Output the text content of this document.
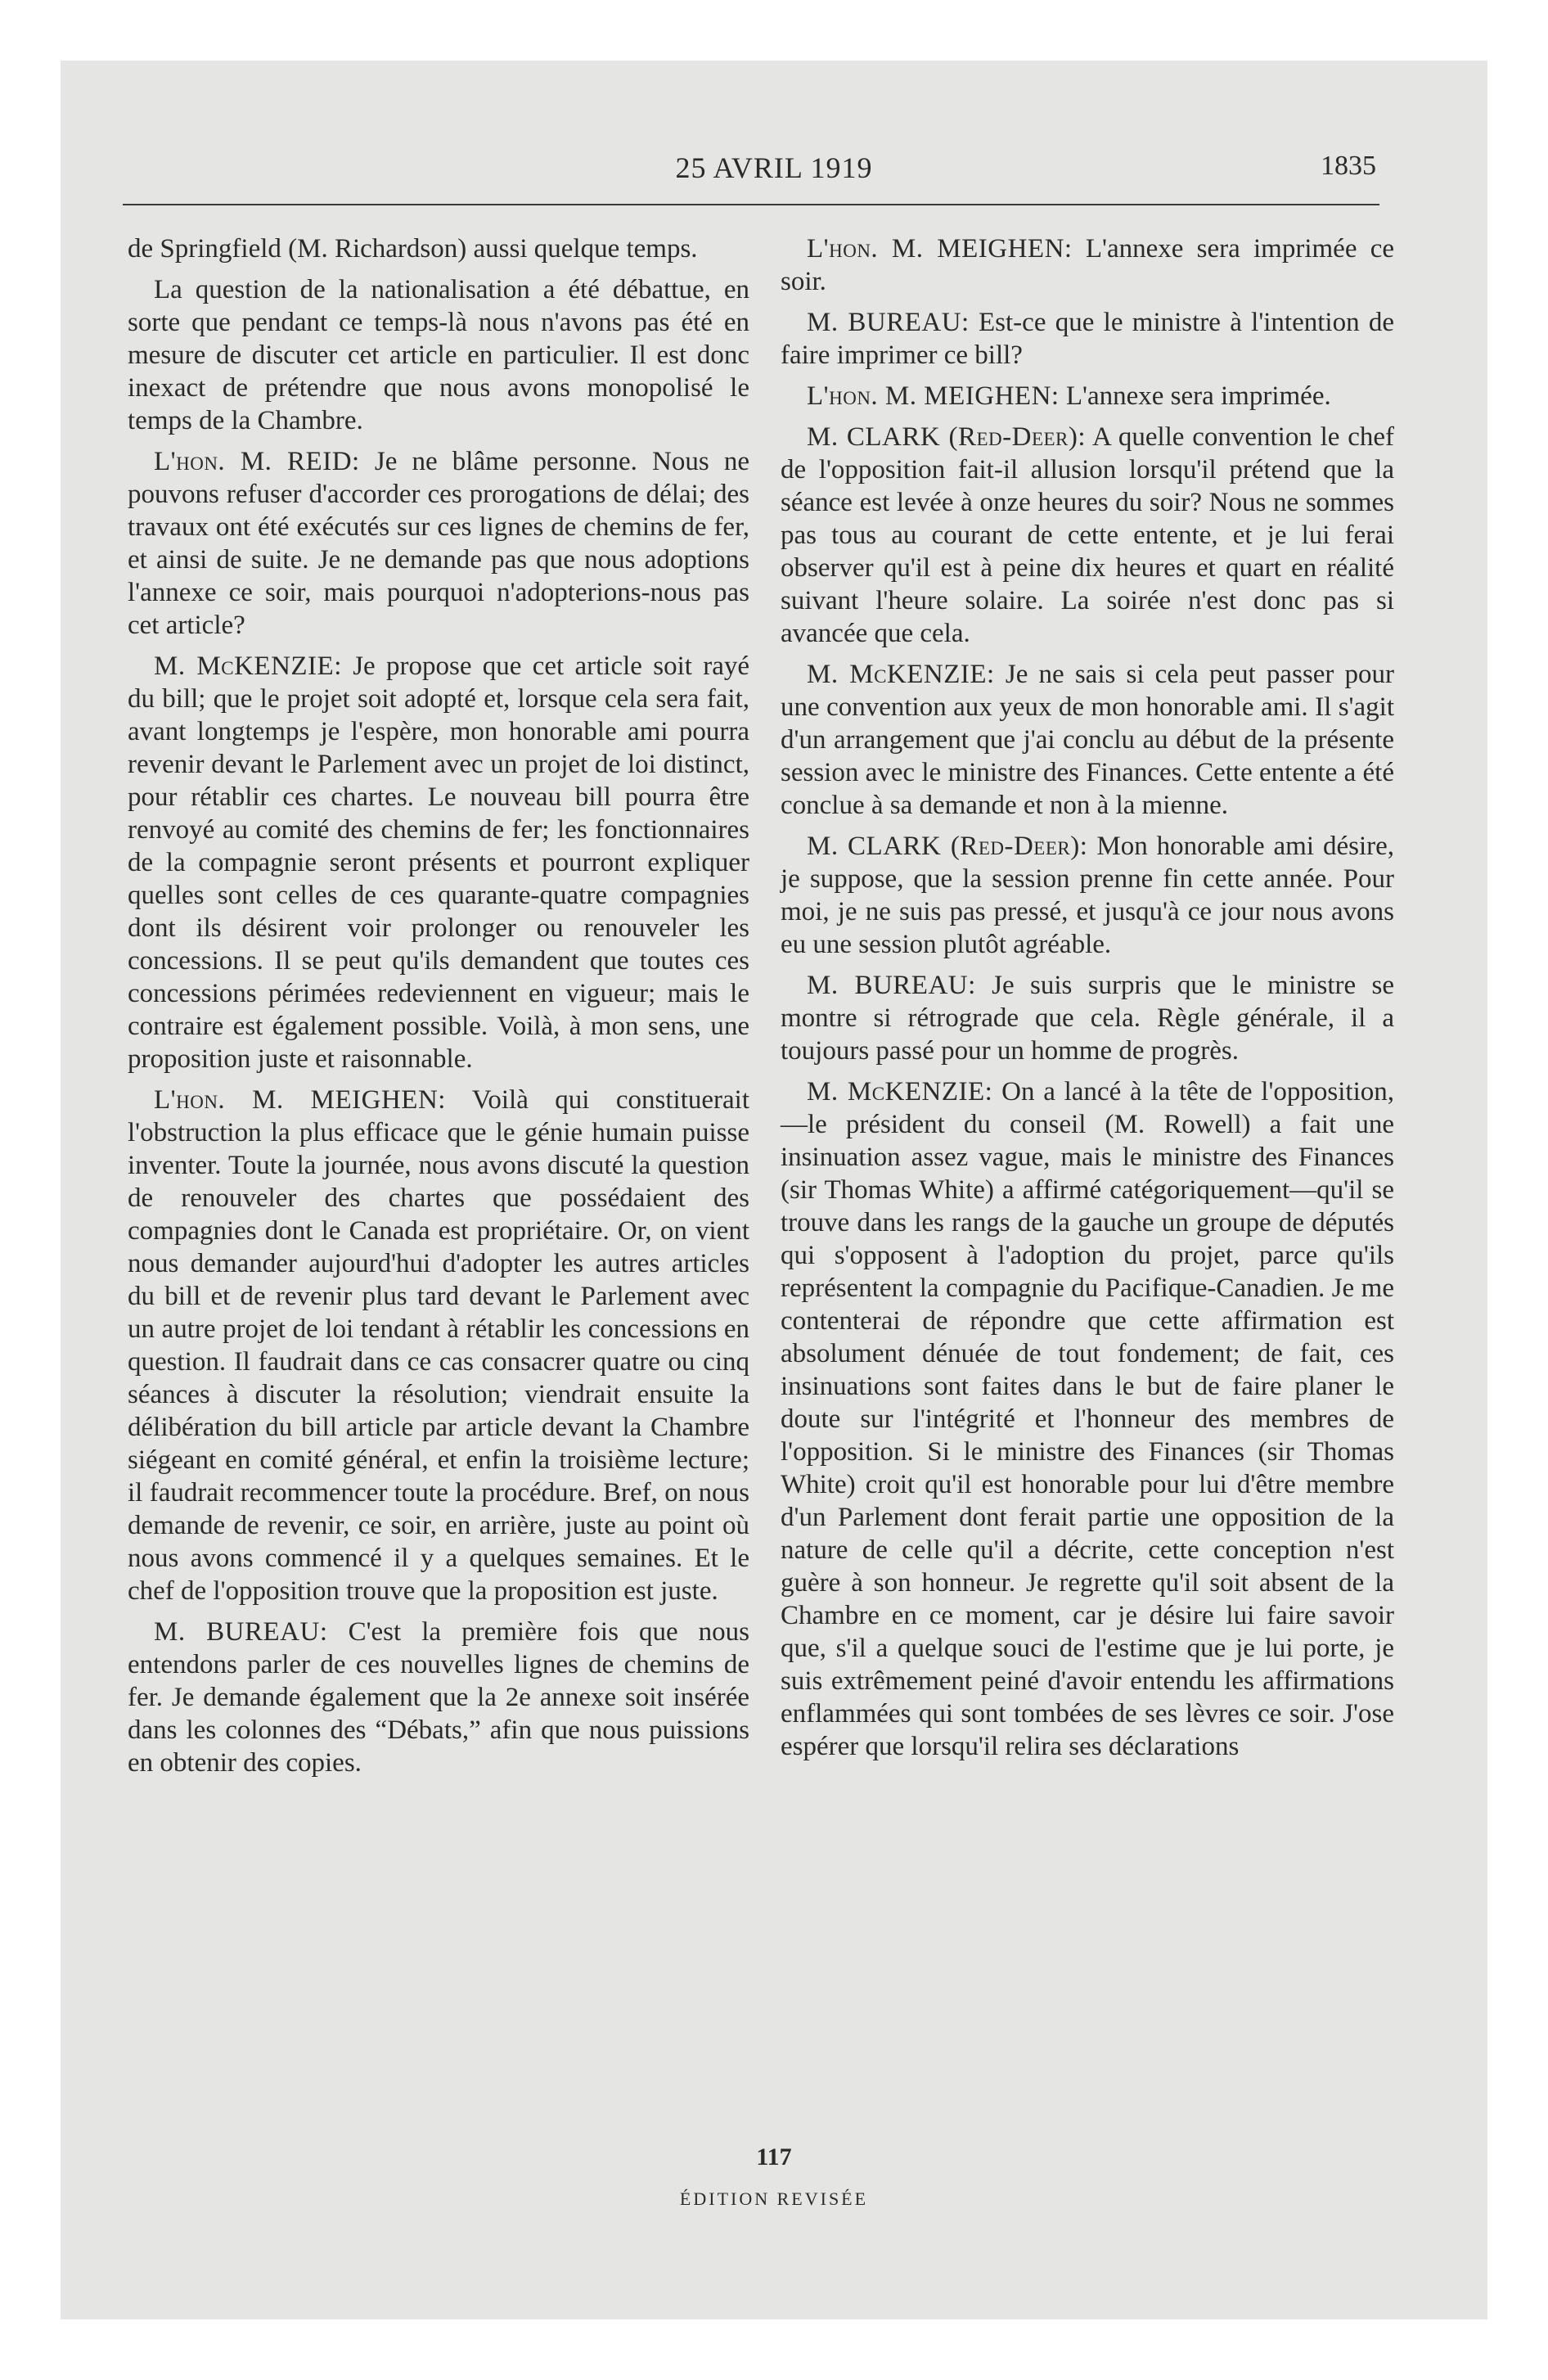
25 AVRIL 1919	1835

de Springfield (M. Richardson) aussi quelque temps.

La question de la nationalisation a été débattue, en sorte que pendant ce temps-là nous n'avons pas été en mesure de discuter cet article en particulier. Il est donc inexact de prétendre que nous avons monopolisé le temps de la Chambre.

L'hon. M. REID: Je ne blâme personne. Nous ne pouvons refuser d'accorder ces prorogations de délai; des travaux ont été exécutés sur ces lignes de chemins de fer, et ainsi de suite. Je ne demande pas que nous adoptions l'annexe ce soir, mais pourquoi n'adopterions-nous pas cet article?

M. McKENZIE: Je propose que cet article soit rayé du bill; que le projet soit adopté et, lorsque cela sera fait, avant longtemps je l'espère, mon honorable ami pourra revenir devant le Parlement avec un projet de loi distinct, pour rétablir ces chartes. Le nouveau bill pourra être renvoyé au comité des chemins de fer; les fonctionnaires de la compagnie seront présents et pourront expliquer quelles sont celles de ces quarante-quatre compagnies dont ils désirent voir prolonger ou renouveler les concessions. Il se peut qu'ils demandent que toutes ces concessions périmées redeviennent en vigueur; mais le contraire est également possible. Voilà, à mon sens, une proposition juste et raisonnable.

L'hon. M. MEIGHEN: Voilà qui constituerait l'obstruction la plus efficace que le génie humain puisse inventer. Toute la journée, nous avons discuté la question de renouveler des chartes que possédaient des compagnies dont le Canada est propriétaire. Or, on vient nous demander aujourd'hui d'adopter les autres articles du bill et de revenir plus tard devant le Parlement avec un autre projet de loi tendant à rétablir les concessions en question. Il faudrait dans ce cas consacrer quatre ou cinq séances à discuter la résolution; viendrait ensuite la délibération du bill article par article devant la Chambre siégeant en comité général, et enfin la troisième lecture; il faudrait recommencer toute la procédure. Bref, on nous demande de revenir, ce soir, en arrière, juste au point où nous avons commencé il y a quelques semaines. Et le chef de l'opposition trouve que la proposition est juste.

M. BUREAU: C'est la première fois que nous entendons parler de ces nouvelles lignes de chemins de fer. Je demande également que la 2e annexe soit insérée dans les colonnes des “Débats,” afin que nous puissions en obtenir des copies.

L'hon. M. MEIGHEN: L'annexe sera imprimée ce soir.

M. BUREAU: Est-ce que le ministre à l'intention de faire imprimer ce bill?

L'hon. M. MEIGHEN: L'annexe sera imprimée.

M. CLARK (Red-Deer): A quelle convention le chef de l'opposition fait-il allusion lorsqu'il prétend que la séance est levée à onze heures du soir? Nous ne sommes pas tous au courant de cette entente, et je lui ferai observer qu'il est à peine dix heures et quart en réalité suivant l'heure solaire. La soirée n'est donc pas si avancée que cela.

M. McKENZIE: Je ne sais si cela peut passer pour une convention aux yeux de mon honorable ami. Il s'agit d'un arrangement que j'ai conclu au début de la présente session avec le ministre des Finances. Cette entente a été conclue à sa demande et non à la mienne.

M. CLARK (Red-Deer): Mon honorable ami désire, je suppose, que la session prenne fin cette année. Pour moi, je ne suis pas pressé, et jusqu'à ce jour nous avons eu une session plutôt agréable.

M. BUREAU: Je suis surpris que le ministre se montre si rétrograde que cela. Règle générale, il a toujours passé pour un homme de progrès.

M. McKENZIE: On a lancé à la tête de l'opposition,—le président du conseil (M. Rowell) a fait une insinuation assez vague, mais le ministre des Finances (sir Thomas White) a affirmé catégoriquement—qu'il se trouve dans les rangs de la gauche un groupe de députés qui s'opposent à l'adoption du projet, parce qu'ils représentent la compagnie du Pacifique-Canadien. Je me contenterai de répondre que cette affirmation est absolument dénuée de tout fondement; de fait, ces insinuations sont faites dans le but de faire planer le doute sur l'intégrité et l'honneur des membres de l'opposition. Si le ministre des Finances (sir Thomas White) croit qu'il est honorable pour lui d'être membre d'un Parlement dont ferait partie une opposition de la nature de celle qu'il a décrite, cette conception n'est guère à son honneur. Je regrette qu'il soit absent de la Chambre en ce moment, car je désire lui faire savoir que, s'il a quelque souci de l'estime que je lui porte, je suis extrêmement peiné d'avoir entendu les affirmations enflammées qui sont tombées de ses lèvres ce soir. J'ose espérer que lorsqu'il relira ses déclarations

117
ÉDITION REVISÉE
